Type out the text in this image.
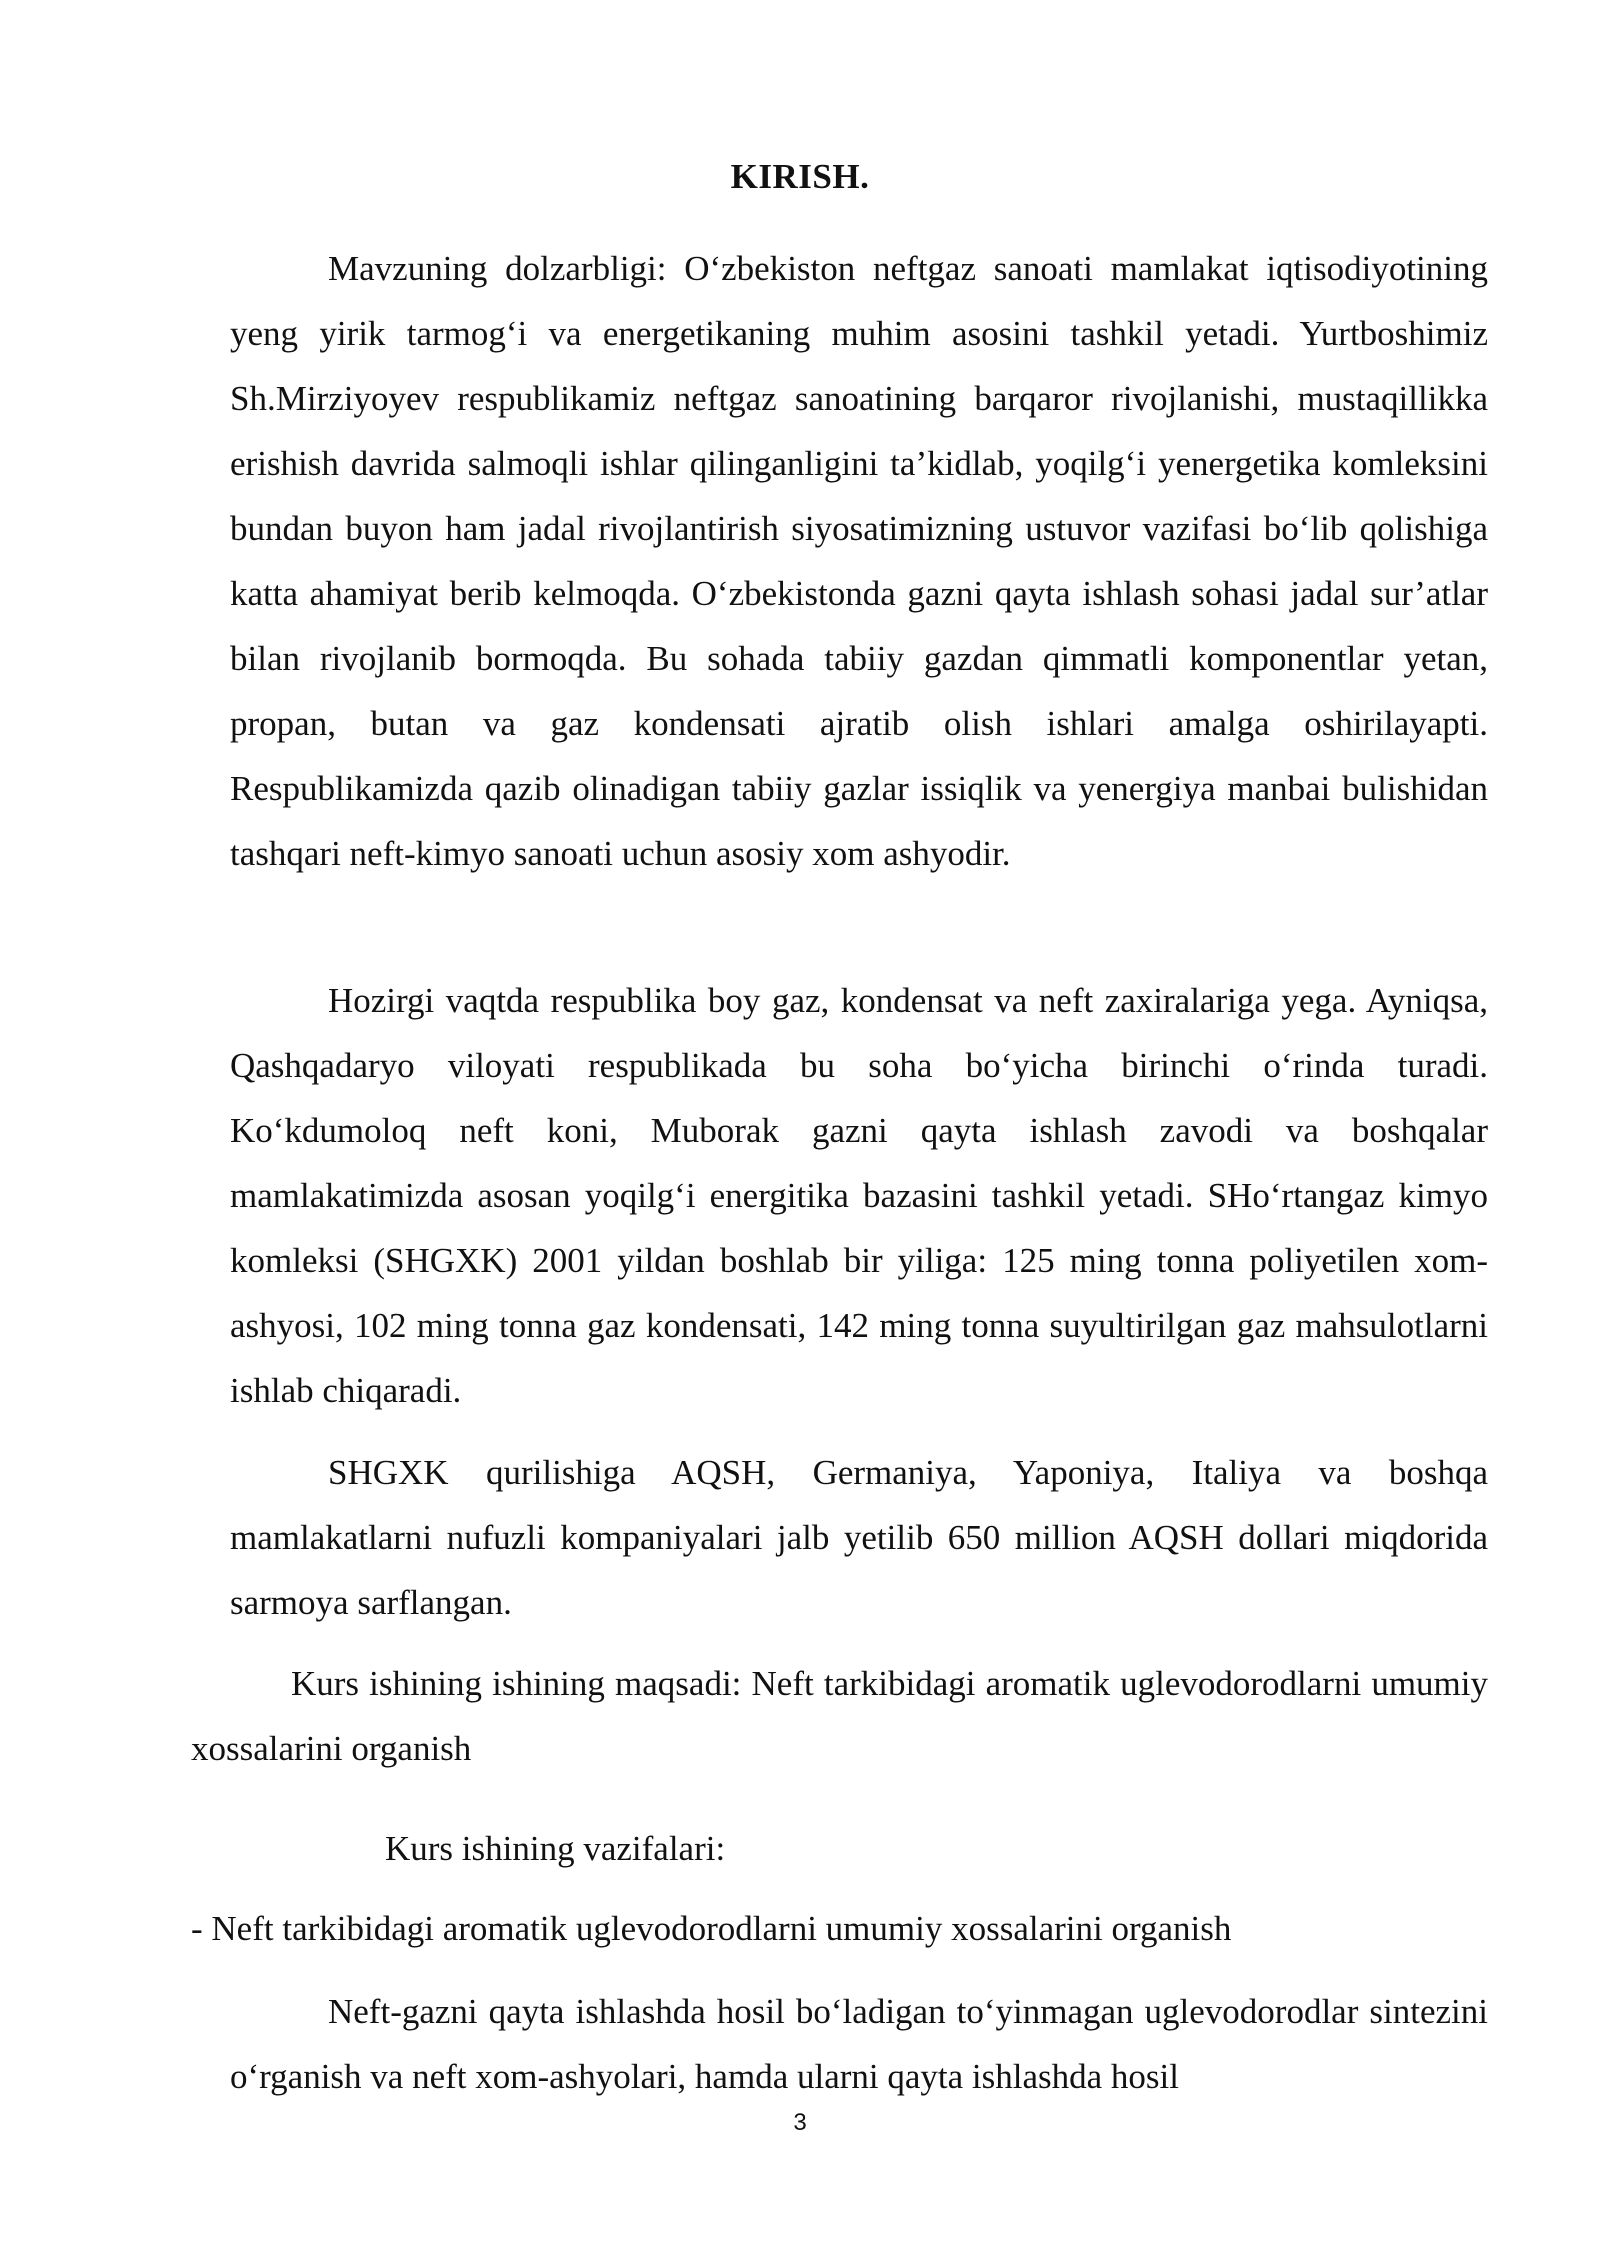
KIRISH.

Mavzuning dolzarbligi: O‘zbekiston neftgaz sanoati mamlakat iqtisodiyotining yeng yirik tarmog‘i va energetikaning muhim asosini tashkil yetadi. Yurtboshimiz Sh.Mirziyoyev respublikamiz neftgaz sanoatining barqaror rivojlanishi, mustaqillikka erishish davrida salmoqli ishlar qilinganligini ta’kidlab, yoqilg‘i yenergetika komleksini bundan buyon ham jadal rivojlantirish siyosatimizning ustuvor vazifasi bo‘lib qolishiga katta ahamiyat berib kelmoqda. O‘zbekistonda gazni qayta ishlash sohasi jadal sur’atlar bilan rivojlanib bormoqda. Bu sohada tabiiy gazdan qimmatli komponentlar yetan, propan, butan va gaz kondensati ajratib olish ishlari amalga oshirilayapti. Respublikamizda qazib olinadigan tabiiy gazlar issiqlik va yenergiya manbai bulishidan tashqari neft-kimyo sanoati uchun asosiy xom ashyodir.

Hozirgi vaqtda respublika boy gaz, kondensat va neft zaxiralariga yega. Ayniqsa, Qashqadaryo viloyati respublikada bu soha bo‘yicha birinchi o‘rinda turadi. Ko‘kdumoloq neft koni, Muborak gazni qayta ishlash zavodi va boshqalar mamlakatimizda asosan yoqilg‘i energitika bazasini tashkil yetadi. SHo‘rtangaz kimyo komleksi (SHGXK) 2001 yildan boshlab bir yiliga: 125 ming tonna poliyetilen xom-ashyosi, 102 ming tonna gaz kondensati, 142 ming tonna suyultirilgan gaz mahsulotlarni ishlab chiqaradi.

SHGXK qurilishiga AQSH, Germaniya, Yaponiya, Italiya va boshqa mamlakatlarni nufuzli kompaniyalari jalb yetilib 650 million AQSH dollari miqdorida sarmoya sarflangan.

Kurs ishining ishining maqsadi: Neft tarkibidagi aromatik uglevodorodlarni umumiy xossalarini organish

Kurs ishining vazifalari:

- Neft tarkibidagi aromatik uglevodorodlarni umumiy xossalarini organish

Neft-gazni qayta ishlashda hosil bo‘ladigan to‘yinmagan uglevodorodlar sintezini o‘rganish va neft xom-ashyolari, hamda ularni qayta ishlashda hosil

3
